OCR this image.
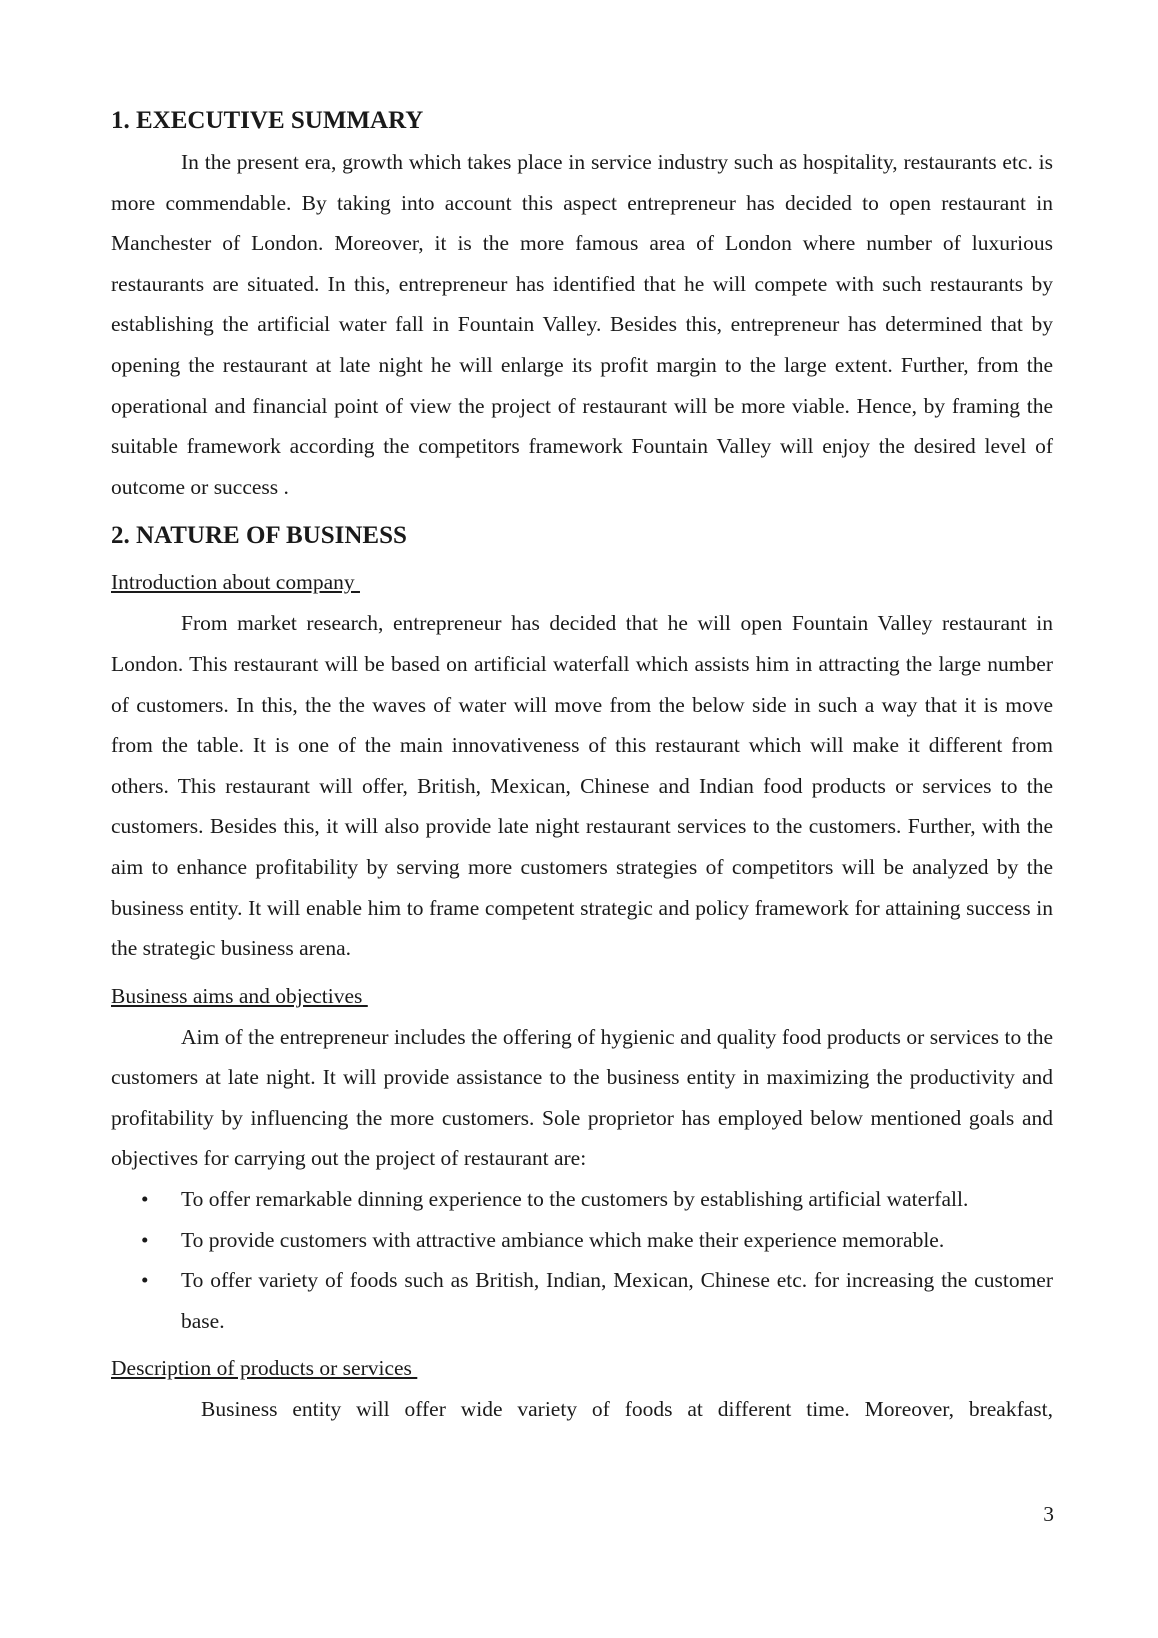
1. EXECUTIVE SUMMARY

In the present era, growth which takes place in service industry such as hospitality, restaurants etc. is more commendable. By taking into account this aspect entrepreneur has decided to open restaurant in Manchester of London. Moreover, it is the more famous area of London where number of luxurious restaurants are situated. In this, entrepreneur has identified that he will compete with such restaurants by establishing the artificial water fall in Fountain Valley. Besides this, entrepreneur has determined that by opening the restaurant at late night he will enlarge its profit margin to the large extent. Further, from the operational and financial point of view the project of restaurant will be more viable. Hence, by framing the suitable framework according the competitors framework Fountain Valley will enjoy the desired level of outcome or success .

2. NATURE OF BUSINESS
Introduction about company

From market research, entrepreneur has decided that he will open Fountain Valley restaurant in London. This restaurant will be based on artificial waterfall which assists him in attracting the large number of customers. In this, the the waves of water will move from the below side in such a way that it is move from the table. It is one of the main innovativeness of this restaurant which will make it different from others. This restaurant will offer, British, Mexican, Chinese and Indian food products or services to the customers. Besides this, it will also provide late night restaurant services to the customers. Further, with the aim to enhance profitability by serving more customers strategies of competitors will be analyzed by the business entity. It will enable him to frame competent strategic and policy framework for attaining success in the strategic business arena.

Business aims and objectives

Aim of the entrepreneur includes the offering of hygienic and quality food products or services to the customers at late night. It will provide assistance to the business entity in maximizing the productivity and profitability by influencing the more customers. Sole proprietor has employed below mentioned goals and objectives for carrying out the project of restaurant are:

•	To offer remarkable dinning experience to the customers by establishing artificial waterfall.
•	To provide customers with attractive ambiance which make their experience memorable.
•	To offer variety of foods such as British, Indian, Mexican, Chinese etc. for increasing the customer base.
Description of products or services

Business entity will offer wide variety of foods at different time. Moreover, breakfast,

3
